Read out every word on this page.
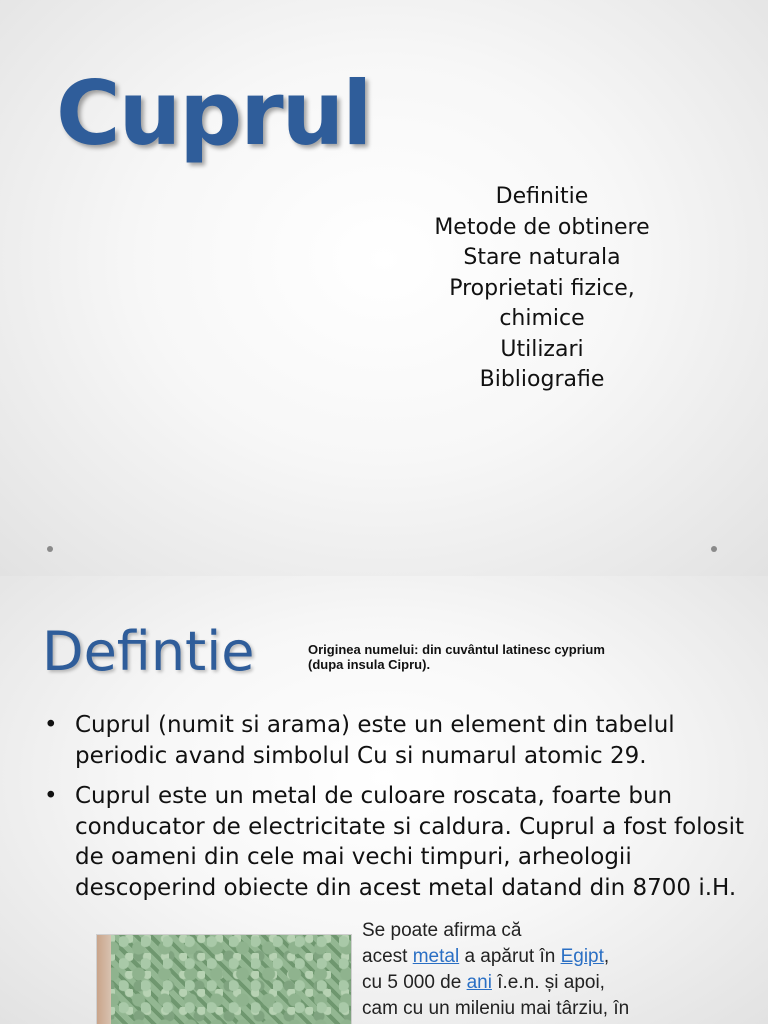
Cuprul
Definitie
Metode de obtinere
Stare naturala
Proprietati fizice,
chimice
Utilizari
Bibliografie
Defintie	Originea numelui: din cuvântul latinesc cyprium
(dupa insula Cipru).
• Cuprul (numit si arama) este un element din tabelul periodic avand simbolul Cu si numarul atomic 29.
• Cuprul este un metal de culoare roscata, foarte bun conducator de electricitate si caldura. Cuprul a fost folosit de oameni din cele mai vechi timpuri, arheologii descoperind obiecte din acest metal datand din 8700 i.H.
Se poate afirma că
acest metal a apărut în Egipt,
cu 5 000 de ani î.e.n. și apoi,
cam cu un mileniu mai târziu, în
